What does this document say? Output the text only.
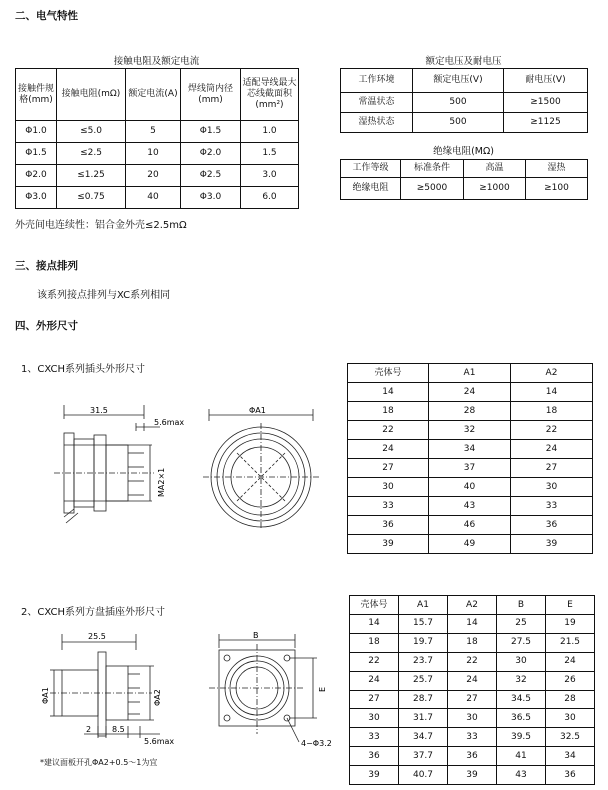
二、电气特性
接触电阻及额定电流
接触件规格(mm)	接触电阻(mΩ)	额定电流(A)	焊线筒内径(mm)	适配导线最大芯线截面积(mm²)
Φ1.0	≤5.0	5	Φ1.5	1.0
Φ1.5	≤2.5	10	Φ2.0	1.5
Φ2.0	≤1.25	20	Φ2.5	3.0
Φ3.0	≤0.75	40	Φ3.0	6.0
额定电压及耐电压
工作环境	额定电压(V)	耐电压(V)
常温状态	500	≥1500
湿热状态	500	≥1125
绝缘电阻(MΩ)
工作等级	标准条件	高温	湿热
绝缘电阻	≥5000	≥1000	≥100
外壳间电连续性：铝合金外壳≤2.5mΩ
三、接点排列
该系列接点排列与XC系列相同
四、外形尺寸
1、CXCH系列插头外形尺寸
31.5
5.6max
MA2×1
ΦA1
壳体号	A1	A2
14	24	14
18	28	18
22	32	22
24	34	24
27	37	27
30	40	30
33	43	33
36	46	36
39	49	39
2、CXCH系列方盘插座外形尺寸
25.5
ΦA1	ΦA2
2	8.5
5.6max
B
E
4−Φ3.2
*建议面板开孔ΦA2+0.5～1为宜
壳体号	A1	A2	B	E
14	15.7	14	25	19
18	19.7	18	27.5	21.5
22	23.7	22	30	24
24	25.7	24	32	26
27	28.7	27	34.5	28
30	31.7	30	36.5	30
33	34.7	33	39.5	32.5
36	37.7	36	41	34
39	40.7	39	43	36
